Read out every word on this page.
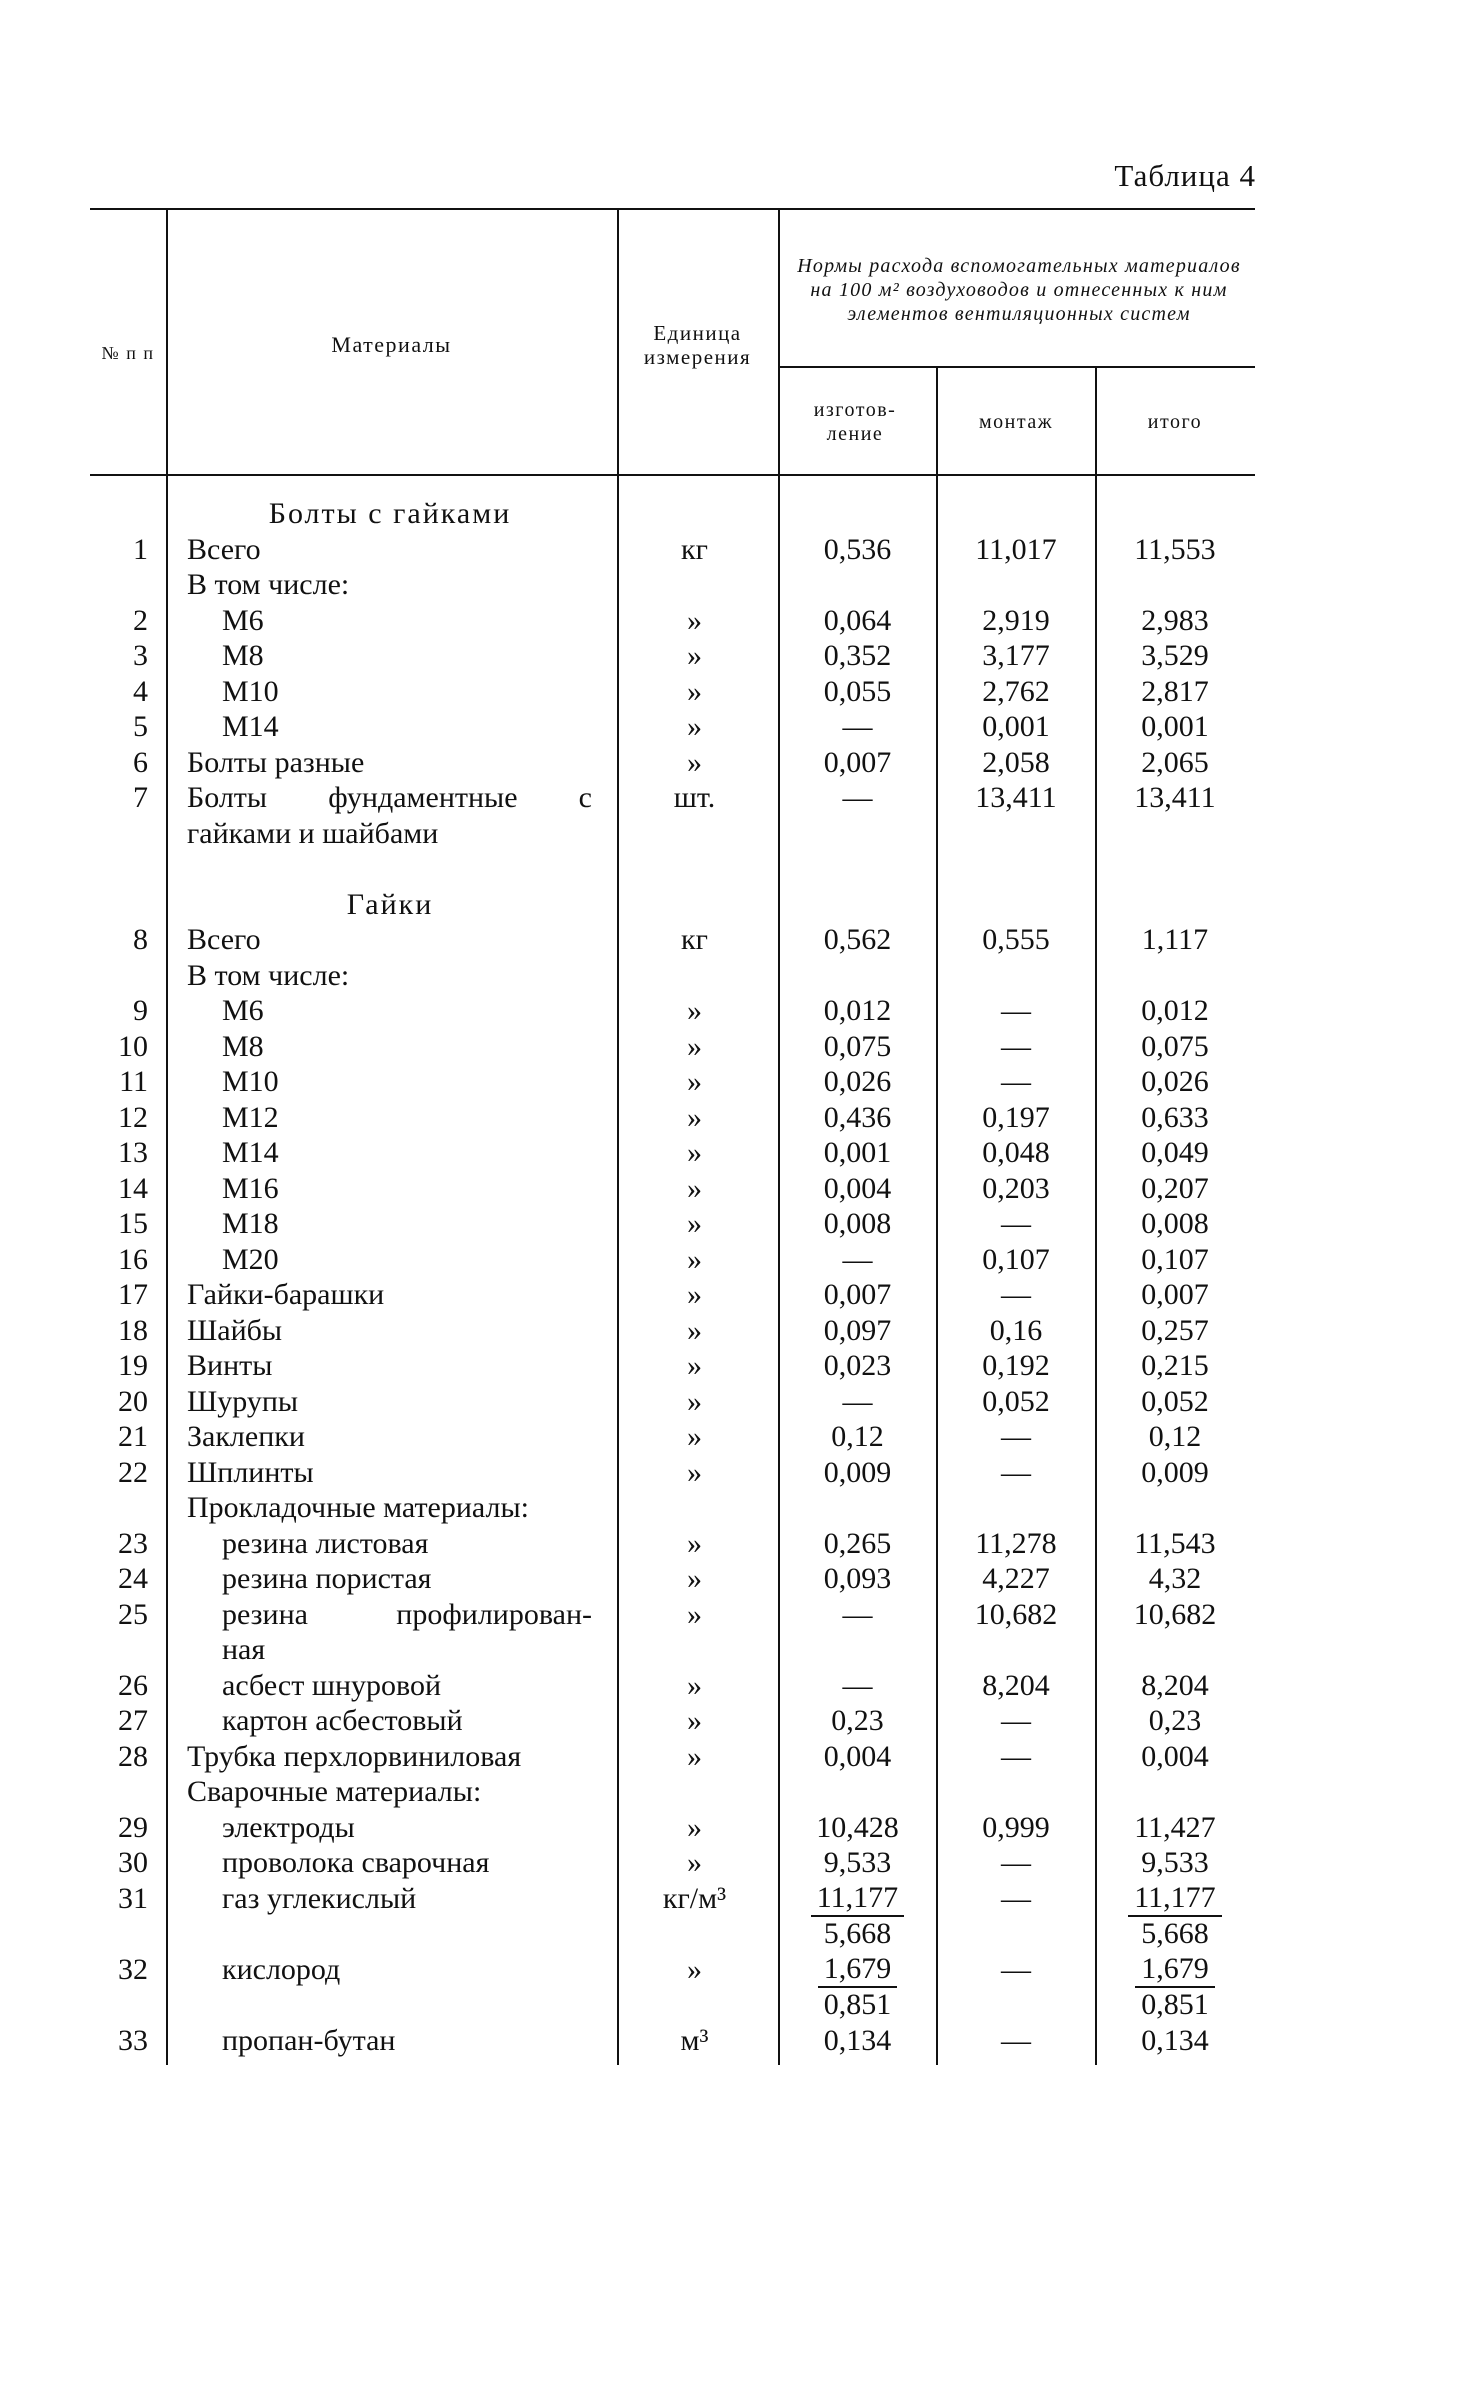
Таблица 4
№ п п	Материалы	Единица измерения
Нормы расхода вспомогательных материалов на 100 м² воздуховодов и отнесенных к ним элементов вентиляционных систем
изготов- ление
монтаж	итого
Болты с гайками
1 Всего	кг	0,536	11,017	11,553
В том числе:
2 М6	»	0,064	2,919	2,983
3 М8	»	0,352	3,177	3,529
4 М10	»	0,055	2,762	2,817
5 М14	»	—	0,001	0,001
6 Болты разные	»	0,007	2,058	2,065
7 Болты фундаментные с	шт.	—	13,411	13,411
гайками и шайбами
Гайки
8 Всего	кг	0,562	0,555	1,117
В том числе:
9 М6	»	0,012	—	0,012
10 М8	»	0,075	—	0,075
11 М10	»	0,026	—	0,026
12 М12	»	0,436	0,197	0,633
13 М14	»	0,001	0,048	0,049
14 М16	»	0,004	0,203	0,207
15 М18	»	0,008	—	0,008
16 М20	»	—	0,107	0,107
17 Гайки-барашки	»	0,007	—	0,007
18 Шайбы	»	0,097	0,16	0,257
19 Винты	»	0,023	0,192	0,215
20 Шурупы	»	—	0,052	0,052
21 Заклепки	»	0,12	—	0,12
22 Шплинты	»	0,009	—	0,009
Прокладочные материалы:
23 резина листовая	»	0,265	11,278	11,543
24 резина пористая	»	0,093	4,227	4,32
25 резина профилирован-	»	—	10,682	10,682
ная
26 асбест шнуровой	»	—	8,204	8,204
27 картон асбестовый	»	0,23	—	0,23
28 Трубка перхлорвиниловая	»	0,004	—	0,004
Сварочные материалы:
29 электроды	»	10,428	0,999	11,427
30 проволока сварочная	»	9,533	—	9,533
31 газ углекислый	кг/м³	$\frac{11,177}{5,668}$	—	$\frac{11,177}{5,668}$
32 кислород	»	$\frac{1,679}{0,851}$	—	$\frac{1,679}{0,851}$
33 пропан-бутан	м³	0,134	—	0,134
